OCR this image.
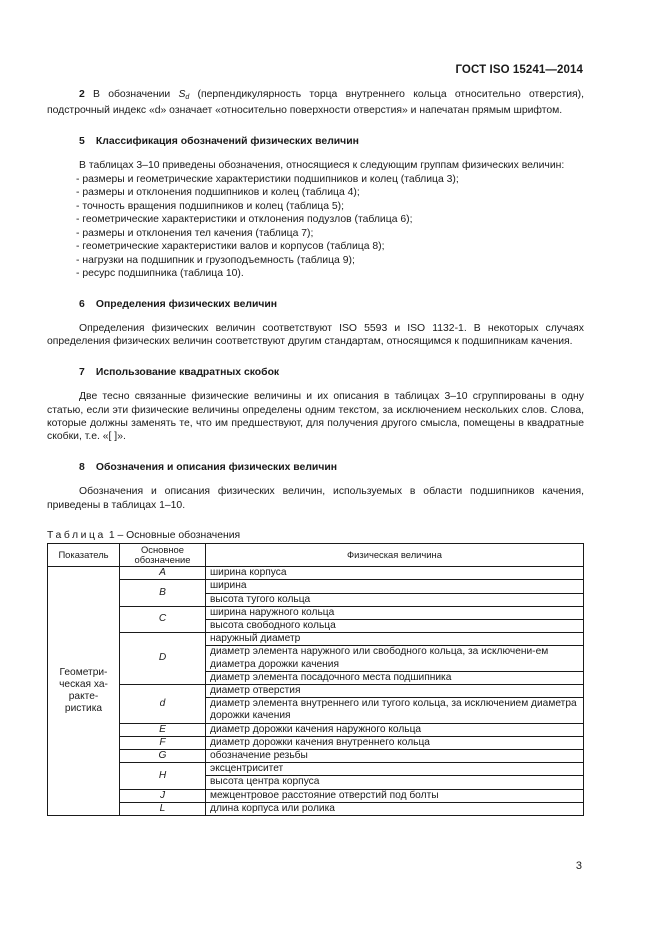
ГОСТ ISO 15241—2014

2 В обозначении $S_d$ (перпендикулярность торца внутреннего кольца относительно отверстия), подстрочный индекс «d» означает «относительно поверхности отверстия» и напечатан прямым шрифтом.

5 Классификация обозначений физических величин

В таблицах 3–10 приведены обозначения, относящиеся к следующим группам физических величин:

- размеры и геометрические характеристики подшипников и колец (таблица 3);
- размеры и отклонения подшипников и колец (таблица 4);
- точность вращения подшипников и колец (таблица 5);
- геометрические характеристики и отклонения подузлов (таблица 6);
- размеры и отклонения тел качения (таблица 7);
- геометрические характеристики валов и корпусов (таблица 8);
- нагрузки на подшипник и грузоподъемность (таблица 9);
- ресурс подшипника (таблица 10).
6 Определения физических величин

Определения физических величин соответствуют ISO 5593 и ISO 1132-1. В некоторых случаях определения физических величин соответствуют другим стандартам, относящимся к подшипникам качения.

7 Использование квадратных скобок

Две тесно связанные физические величины и их описания в таблицах 3–10 сгруппированы в одну статью, если эти физические величины определены одним текстом, за исключением нескольких слов. Слова, которые должны заменять те, что им предшествуют, для получения другого смысла, помещены в квадратные скобки, т.е. «[ ]».

8 Обозначения и описания физических величин

Обозначения и описания физических величин, используемых в области подшипников качения, приведены в таблицах 1–10.

Таблица 1 – Основные обозначения
Показатель	Основное обозначение	Физическая величина
Геометри-ческая ха-ракте-ристика	A	ширина корпуса
	B	ширина
		высота тугого кольца
	C	ширина наружного кольца
		высота свободного кольца
	D	наружный диаметр
		диаметр элемента наружного или свободного кольца, за исключени-ем диаметра дорожки качения
		диаметр элемента посадочного места подшипника
	d	диаметр отверстия
		диаметр элемента внутреннего или тугого кольца, за исключением диаметра дорожки качения
	E	диаметр дорожки качения наружного кольца
	F	диаметр дорожки качения внутреннего кольца
	G	обозначение резьбы
	H	эксцентриситет
		высота центра корпуса
	J	межцентровое расстояние отверстий под болты
	L	длина корпуса или ролика
3
